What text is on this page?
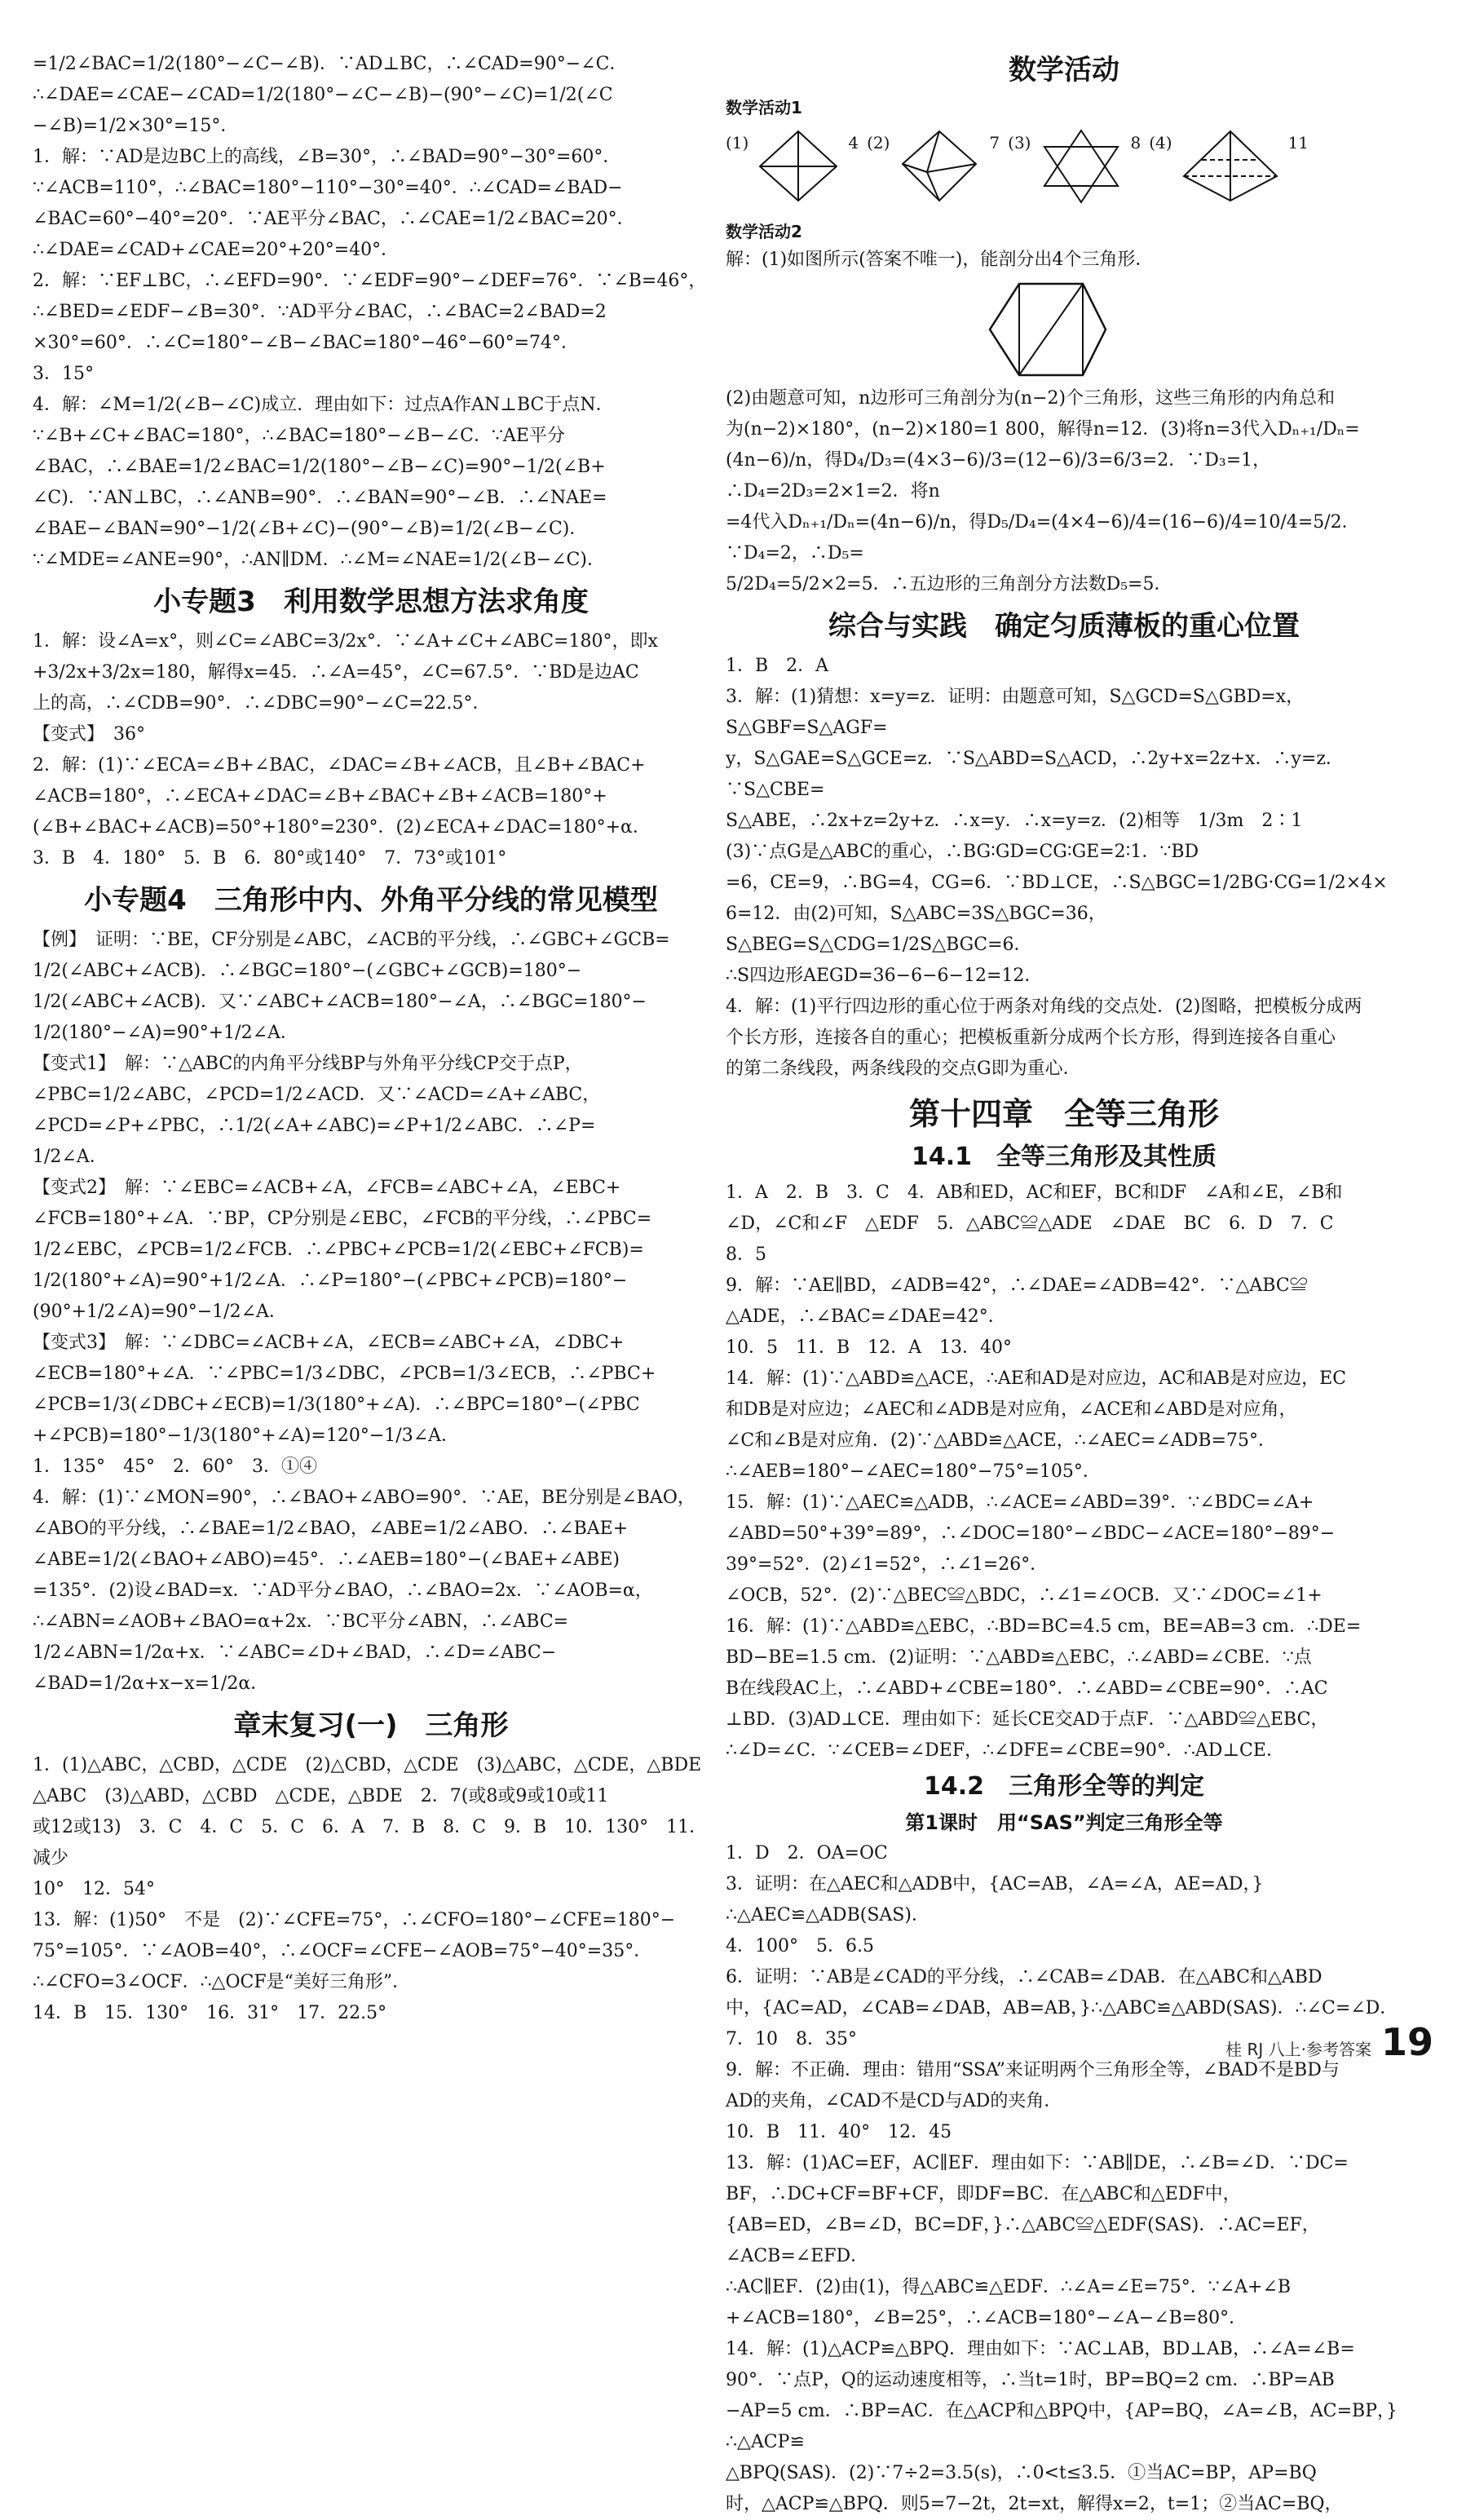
=1/2∠BAC=1/2(180°−∠C−∠B)．∵AD⊥BC，∴∠CAD=90°−∠C．

∴∠DAE=∠CAE−∠CAD=1/2(180°−∠C−∠B)−(90°−∠C)=1/2(∠C

−∠B)=1/2×30°=15°．

1．解：∵AD是边BC上的高线，∠B=30°，∴∠BAD=90°−30°=60°．

∵∠ACB=110°，∴∠BAC=180°−110°−30°=40°．∴∠CAD=∠BAD−

∠BAC=60°−40°=20°．∵AE平分∠BAC，∴∠CAE=1/2∠BAC=20°．

∴∠DAE=∠CAD+∠CAE=20°+20°=40°．

2．解：∵EF⊥BC，∴∠EFD=90°．∵∠EDF=90°−∠DEF=76°．∵∠B=46°，

∴∠BED=∠EDF−∠B=30°．∵AD平分∠BAC，∴∠BAC=2∠BAD=2

×30°=60°．∴∠C=180°−∠B−∠BAC=180°−46°−60°=74°．

3．15°

4．解：∠M=1/2(∠B−∠C)成立．理由如下：过点A作AN⊥BC于点N．

∵∠B+∠C+∠BAC=180°，∴∠BAC=180°−∠B−∠C．∵AE平分

∠BAC，∴∠BAE=1/2∠BAC=1/2(180°−∠B−∠C)=90°−1/2(∠B+

∠C)．∵AN⊥BC，∴∠ANB=90°．∴∠BAN=90°−∠B．∴∠NAE=

∠BAE−∠BAN=90°−1/2(∠B+∠C)−(90°−∠B)=1/2(∠B−∠C)．

∵∠MDE=∠ANE=90°，∴AN∥DM．∴∠M=∠NAE=1/2(∠B−∠C)．

小专题3　利用数学思想方法求角度

1．解：设∠A=x°，则∠C=∠ABC=3/2x°．∵∠A+∠C+∠ABC=180°，即x

+3/2x+3/2x=180，解得x=45．∴∠A=45°，∠C=67.5°．∵BD是边AC

上的高，∴∠CDB=90°．∴∠DBC=90°−∠C=22.5°．

【变式】　36°

2．解：(1)∵∠ECA=∠B+∠BAC，∠DAC=∠B+∠ACB，且∠B+∠BAC+

∠ACB=180°，∴∠ECA+∠DAC=∠B+∠BAC+∠B+∠ACB=180°+

(∠B+∠BAC+∠ACB)=50°+180°=230°．(2)∠ECA+∠DAC=180°+α．

3．B　4．180°　5．B　6．80°或140°　7．73°或101°

小专题4　三角形中内、外角平分线的常见模型

【例】　证明：∵BE，CF分别是∠ABC，∠ACB的平分线，∴∠GBC+∠GCB=

1/2(∠ABC+∠ACB)．∴∠BGC=180°−(∠GBC+∠GCB)=180°−

1/2(∠ABC+∠ACB)．又∵∠ABC+∠ACB=180°−∠A，∴∠BGC=180°−

1/2(180°−∠A)=90°+1/2∠A．

【变式1】　解：∵△ABC的内角平分线BP与外角平分线CP交于点P，

∠PBC=1/2∠ABC，∠PCD=1/2∠ACD．又∵∠ACD=∠A+∠ABC，

∠PCD=∠P+∠PBC，∴1/2(∠A+∠ABC)=∠P+1/2∠ABC．∴∠P=

1/2∠A．

【变式2】　解：∵∠EBC=∠ACB+∠A，∠FCB=∠ABC+∠A，∠EBC+

∠FCB=180°+∠A．∵BP，CP分别是∠EBC，∠FCB的平分线，∴∠PBC=

1/2∠EBC，∠PCB=1/2∠FCB．∴∠PBC+∠PCB=1/2(∠EBC+∠FCB)=

1/2(180°+∠A)=90°+1/2∠A．∴∠P=180°−(∠PBC+∠PCB)=180°−

(90°+1/2∠A)=90°−1/2∠A．

【变式3】　解：∵∠DBC=∠ACB+∠A，∠ECB=∠ABC+∠A，∠DBC+

∠ECB=180°+∠A．∵∠PBC=1/3∠DBC，∠PCB=1/3∠ECB，∴∠PBC+

∠PCB=1/3(∠DBC+∠ECB)=1/3(180°+∠A)．∴∠BPC=180°−(∠PBC

+∠PCB)=180°−1/3(180°+∠A)=120°−1/3∠A．

1．135°　45°　2．60°　3．①④

4．解：(1)∵∠MON=90°，∴∠BAO+∠ABO=90°．∵AE，BE分别是∠BAO，

∠ABO的平分线，∴∠BAE=1/2∠BAO，∠ABE=1/2∠ABO．∴∠BAE+

∠ABE=1/2(∠BAO+∠ABO)=45°．∴∠AEB=180°−(∠BAE+∠ABE)

=135°．(2)设∠BAD=x．∵AD平分∠BAO，∴∠BAO=2x．∵∠AOB=α，

∴∠ABN=∠AOB+∠BAO=α+2x．∵BC平分∠ABN，∴∠ABC=

1/2∠ABN=1/2α+x．∵∠ABC=∠D+∠BAD，∴∠D=∠ABC−

∠BAD=1/2α+x−x=1/2α．

章末复习(一)　三角形

1．(1)△ABC，△CBD，△CDE　(2)△CBD，△CDE　(3)△ABC，△CDE，△BDE

△ABC　(3)△ABD，△CBD　△CDE，△BDE　2．7(或8或9或10或11

或12或13)　3．C　4．C　5．C　6．A　7．B　8．C　9．B　10．130°　11．减少

10°　12．54°

13．解：(1)50°　不是　(2)∵∠CFE=75°，∴∠CFO=180°−∠CFE=180°−

75°=105°．∵∠AOB=40°，∴∠OCF=∠CFE−∠AOB=75°−40°=35°．

∴∠CFO=3∠OCF．∴△OCF是“美好三角形”．

14．B　15．130°　16．31°　17．22.5°

数学活动
数学活动1
(1)	4 (2)	7 (3)	8 (4)	11
数学活动2

解：(1)如图所示(答案不唯一)，能剖分出4个三角形．

(2)由题意可知，n边形可三角剖分为(n−2)个三角形，这些三角形的内角总和

为(n−2)×180°，(n−2)×180=1 800，解得n=12．(3)将n=3代入Dₙ₊₁/Dₙ=

(4n−6)/n，得D₄/D₃=(4×3−6)/3=(12−6)/3=6/3=2．∵D₃=1，∴D₄=2D₃=2×1=2．将n

=4代入Dₙ₊₁/Dₙ=(4n−6)/n，得D₅/D₄=(4×4−6)/4=(16−6)/4=10/4=5/2．∵D₄=2，∴D₅=

5/2D₄=5/2×2=5．∴五边形的三角剖分方法数D₅=5．

综合与实践　确定匀质薄板的重心位置

1．B　2．A

3．解：(1)猜想：x=y=z．证明：由题意可知，S△GCD=S△GBD=x，S△GBF=S△AGF=

y，S△GAE=S△GCE=z．∵S△ABD=S△ACD，∴2y+x=2z+x．∴y=z．∵S△CBE=

S△ABE，∴2x+z=2y+z．∴x=y．∴x=y=z．(2)相等　1/3m　2∶1

(3)∵点G是△ABC的重心，∴BG∶GD=CG∶GE=2∶1．∵BD

=6，CE=9，∴BG=4，CG=6．∵BD⊥CE，∴S△BGC=1/2BG·CG=1/2×4×

6=12．由(2)可知，S△ABC=3S△BGC=36，S△BEG=S△CDG=1/2S△BGC=6．

∴S四边形AEGD=36−6−6−12=12．

4．解：(1)平行四边形的重心位于两条对角线的交点处．(2)图略，把模板分成两

个长方形，连接各自的重心；把模板重新分成两个长方形，得到连接各自重心

的第二条线段，两条线段的交点G即为重心．

第十四章　全等三角形
14.1　全等三角形及其性质

1．A　2．B　3．C　4．AB和ED，AC和EF，BC和DF　∠A和∠E，∠B和

∠D，∠C和∠F　△EDF　5．△ABC≌△ADE　∠DAE　BC　6．D　7．C

8．5

9．解：∵AE∥BD，∠ADB=42°，∴∠DAE=∠ADB=42°．∵△ABC≌

△ADE，∴∠BAC=∠DAE=42°．

10．5　11．B　12．A　13．40°

14．解：(1)∵△ABD≌△ACE，∴AE和AD是对应边，AC和AB是对应边，EC

和DB是对应边；∠AEC和∠ADB是对应角，∠ACE和∠ABD是对应角，

∠C和∠B是对应角．(2)∵△ABD≌△ACE，∴∠AEC=∠ADB=75°．

∴∠AEB=180°−∠AEC=180°−75°=105°．

15．解：(1)∵△AEC≌△ADB，∴∠ACE=∠ABD=39°．∵∠BDC=∠A+

∠ABD=50°+39°=89°，∴∠DOC=180°−∠BDC−∠ACE=180°−89°−

39°=52°．(2)∠1=52°，∴∠1=26°．

∠OCB，52°．(2)∵△BEC≌△BDC，∴∠1=∠OCB．又∵∠DOC=∠1+

16．解：(1)∵△ABD≌△EBC，∴BD=BC=4.5 cm，BE=AB=3 cm．∴DE=

BD−BE=1.5 cm．(2)证明：∵△ABD≌△EBC，∴∠ABD=∠CBE．∵点

B在线段AC上，∴∠ABD+∠CBE=180°．∴∠ABD=∠CBE=90°．∴AC

⊥BD．(3)AD⊥CE．理由如下：延长CE交AD于点F．∵△ABD≌△EBC，

∴∠D=∠C．∵∠CEB=∠DEF，∴∠DFE=∠CBE=90°．∴AD⊥CE．

14.2　三角形全等的判定
第1课时　用“SAS”判定三角形全等

1．D　2．OA=OC

3．证明：在△AEC和△ADB中，{AC=AB，∠A=∠A，AE=AD，}∴△AEC≌△ADB(SAS)．

4．100°　5．6.5

6．证明：∵AB是∠CAD的平分线，∴∠CAB=∠DAB．在△ABC和△ABD

中，{AC=AD，∠CAB=∠DAB，AB=AB，}∴△ABC≌△ABD(SAS)．∴∠C=∠D．

7．10　8．35°

9．解：不正确．理由：错用“SSA”来证明两个三角形全等，∠BAD不是BD与

AD的夹角，∠CAD不是CD与AD的夹角．

10．B　11．40°　12．45

13．解：(1)AC=EF，AC∥EF．理由如下：∵AB∥DE，∴∠B=∠D．∵DC=

BF，∴DC+CF=BF+CF，即DF=BC．在△ABC和△EDF中，

{AB=ED，∠B=∠D，BC=DF，}∴△ABC≌△EDF(SAS)．∴AC=EF，∠ACB=∠EFD．

∴AC∥EF．(2)由(1)，得△ABC≌△EDF．∴∠A=∠E=75°．∵∠A+∠B

+∠ACB=180°，∠B=25°，∴∠ACB=180°−∠A−∠B=80°．

14．解：(1)△ACP≌△BPQ．理由如下：∵AC⊥AB，BD⊥AB，∴∠A=∠B=

90°．∵点P，Q的运动速度相等，∴当t=1时，BP=BQ=2 cm．∴BP=AB

−AP=5 cm．∴BP=AC．在△ACP和△BPQ中，{AP=BQ，∠A=∠B，AC=BP，}∴△ACP≌

△BPQ(SAS)．(2)∵7÷2=3.5(s)，∴0<t≤3.5．①当AC=BP，AP=BQ

时，△ACP≌△BPQ．则5=7−2t，2t=xt，解得x=2，t=1；②当AC=BQ，

桂 RJ 八上·参考答案 19
